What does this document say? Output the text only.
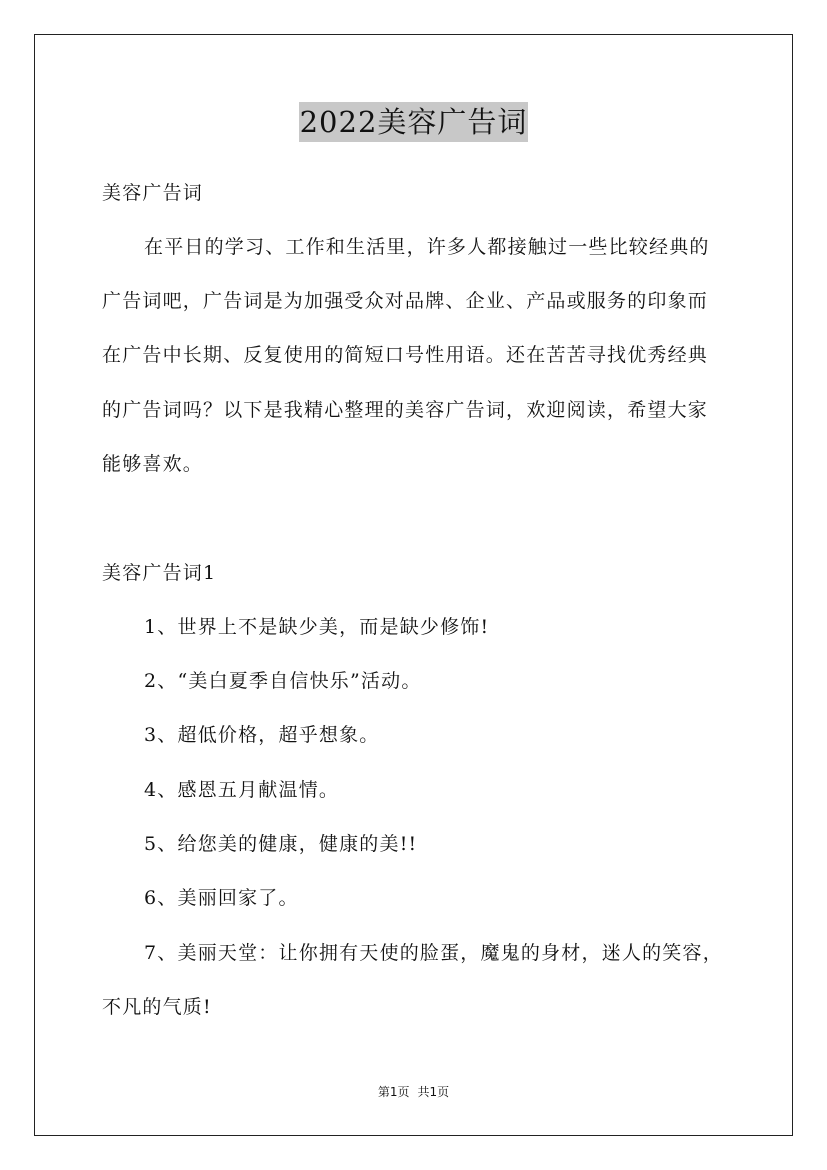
2022美容广告词
美容广告词
在平日的学习、工作和生活里，许多人都接触过一些比较经典的
广告词吧，广告词是为加强受众对品牌、企业、产品或服务的印象而
在广告中长期、反复使用的简短口号性用语。还在苦苦寻找优秀经典
的广告词吗？以下是我精心整理的美容广告词，欢迎阅读，希望大家
能够喜欢。
美容广告词1
1、世界上不是缺少美，而是缺少修饰!
2、“美白夏季自信快乐”活动。
3、超低价格，超乎想象。
4、感恩五月献温情。
5、给您美的健康，健康的美!!
6、美丽回家了。
7、美丽天堂：让你拥有天使的脸蛋，魔鬼的身材，迷人的笑容，
不凡的气质!
第1页 共1页
